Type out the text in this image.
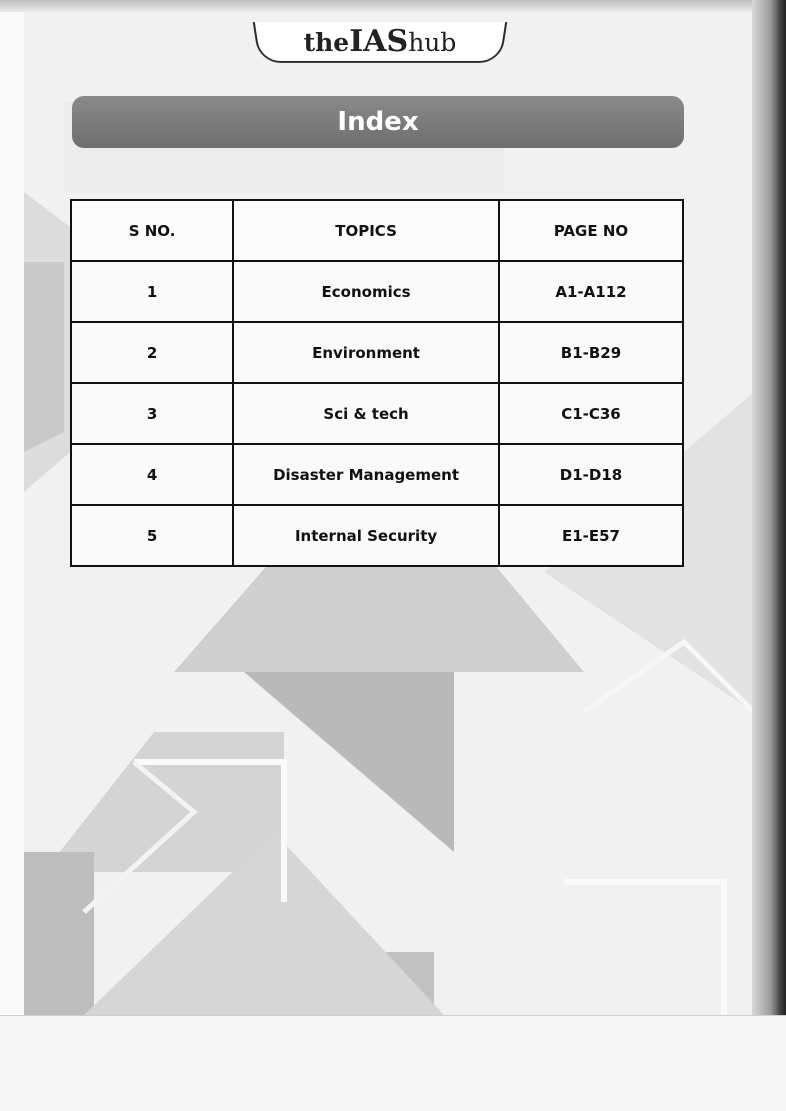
theIAShub
Index
S NO.	TOPICS	PAGE NO
1	Economics	A1-A112
2	Environment	B1-B29
3	Sci & tech	C1-C36
4	Disaster Management	D1-D18
5	Internal Security	E1-E57
